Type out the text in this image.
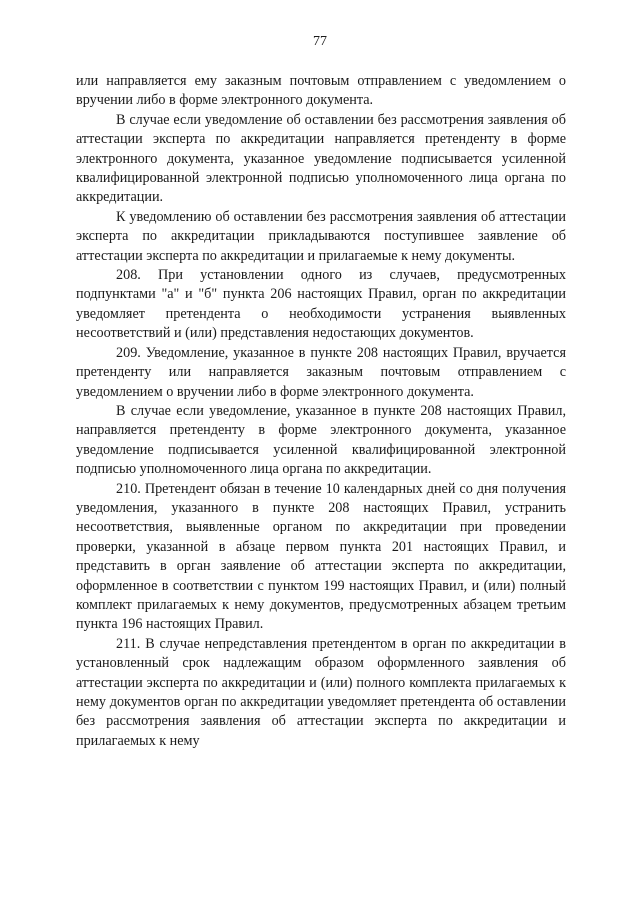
77

или направляется ему заказным почтовым отправлением с уведомлением о вручении либо в форме электронного документа.

В случае если уведомление об оставлении без рассмотрения заявления об аттестации эксперта по аккредитации направляется претенденту в форме электронного документа, указанное уведомление подписывается усиленной квалифицированной электронной подписью уполномоченного лица органа по аккредитации.

К уведомлению об оставлении без рассмотрения заявления об аттестации эксперта по аккредитации прикладываются поступившее заявление об аттестации эксперта по аккредитации и прилагаемые к нему документы.

208. При установлении одного из случаев, предусмотренных подпунктами "а" и "б" пункта 206 настоящих Правил, орган по аккредитации уведомляет претендента о необходимости устранения выявленных несоответствий и (или) представления недостающих документов.

209. Уведомление, указанное в пункте 208 настоящих Правил, вручается претенденту или направляется заказным почтовым отправлением с уведомлением о вручении либо в форме электронного документа.

В случае если уведомление, указанное в пункте 208 настоящих Правил, направляется претенденту в форме электронного документа, указанное уведомление подписывается усиленной квалифицированной электронной подписью уполномоченного лица органа по аккредитации.

210. Претендент обязан в течение 10 календарных дней со дня получения уведомления, указанного в пункте 208 настоящих Правил, устранить несоответствия, выявленные органом по аккредитации при проведении проверки, указанной в абзаце первом пункта 201 настоящих Правил, и представить в орган заявление об аттестации эксперта по аккредитации, оформленное в соответствии с пунктом 199 настоящих Правил, и (или) полный комплект прилагаемых к нему документов, предусмотренных абзацем третьим пункта 196 настоящих Правил.

211. В случае непредставления претендентом в орган по аккредитации в установленный срок надлежащим образом оформленного заявления об аттестации эксперта по аккредитации и (или) полного комплекта прилагаемых к нему документов орган по аккредитации уведомляет претендента об оставлении без рассмотрения заявления об аттестации эксперта по аккредитации и прилагаемых к нему
